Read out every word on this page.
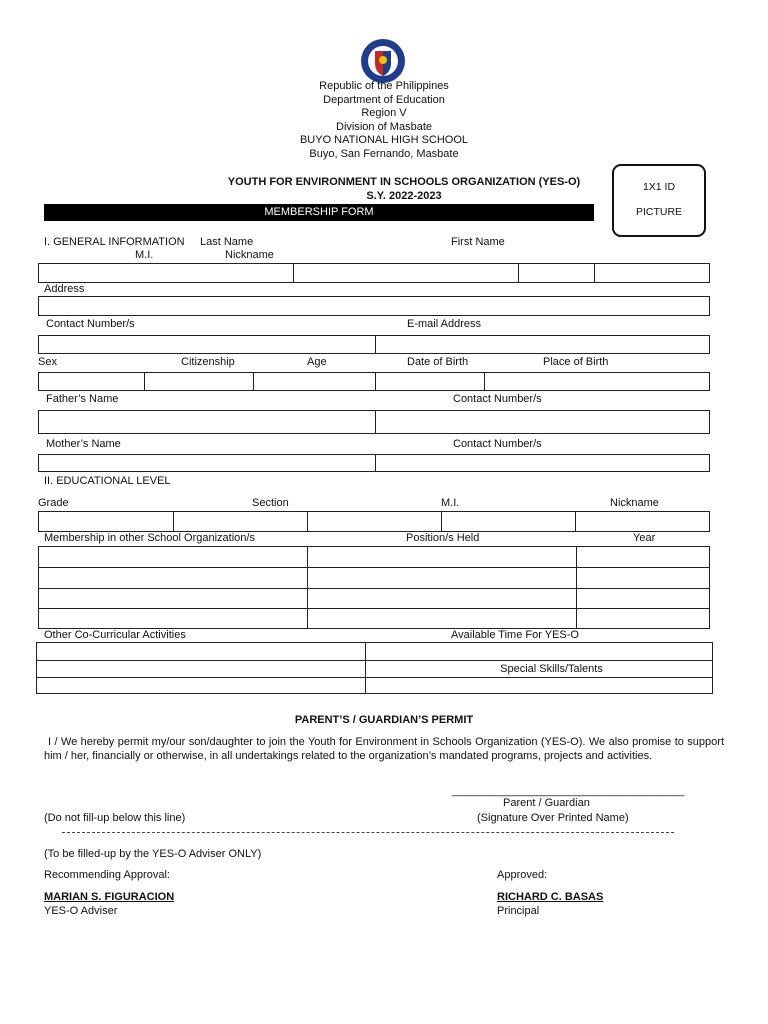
Republic of the Philippines
Department of Education
Region V
Division of Masbate
BUYO NATIONAL HIGH SCHOOL
Buyo, San Fernando, Masbate
YOUTH FOR ENVIRONMENT IN SCHOOLS ORGANIZATION (YES-O)
S.Y. 2022-2023
MEMBERSHIP FORM
1X1 ID
PICTURE
I. GENERAL INFORMATION Last Name	First Name
M.I.	Nickname
Address
Contact Number/s	E-mail Address
Sex	Citizenship	Age	Date of Birth	Place of Birth
Father’s Name	Contact Number/s
Mother’s Name	Contact Number/s
II. EDUCATIONAL LEVEL
Grade	Section	M.I.	Nickname
Membership in other School Organization/s	Position/s Held	Year
Other Co-Curricular Activities	Available Time For YES-O
Special Skills/Talents
PARENT’S / GUARDIAN’S PERMIT
I / We hereby permit my/our son/daughter to join the Youth for Environment in Schools Organization (YES-O). We also promise to support him / her, financially or otherwise, in all undertakings related to the organization’s mandated programs, projects and activities.
______________________________________
Parent / Guardian
(Do not fill-up below this line)	(Signature Over Printed Name)
(To be filled-up by the YES-O Adviser ONLY)
Recommending Approval:	Approved:
MARIAN S. FIGURACION	RICHARD C. BASAS
YES-O Adviser	Principal
